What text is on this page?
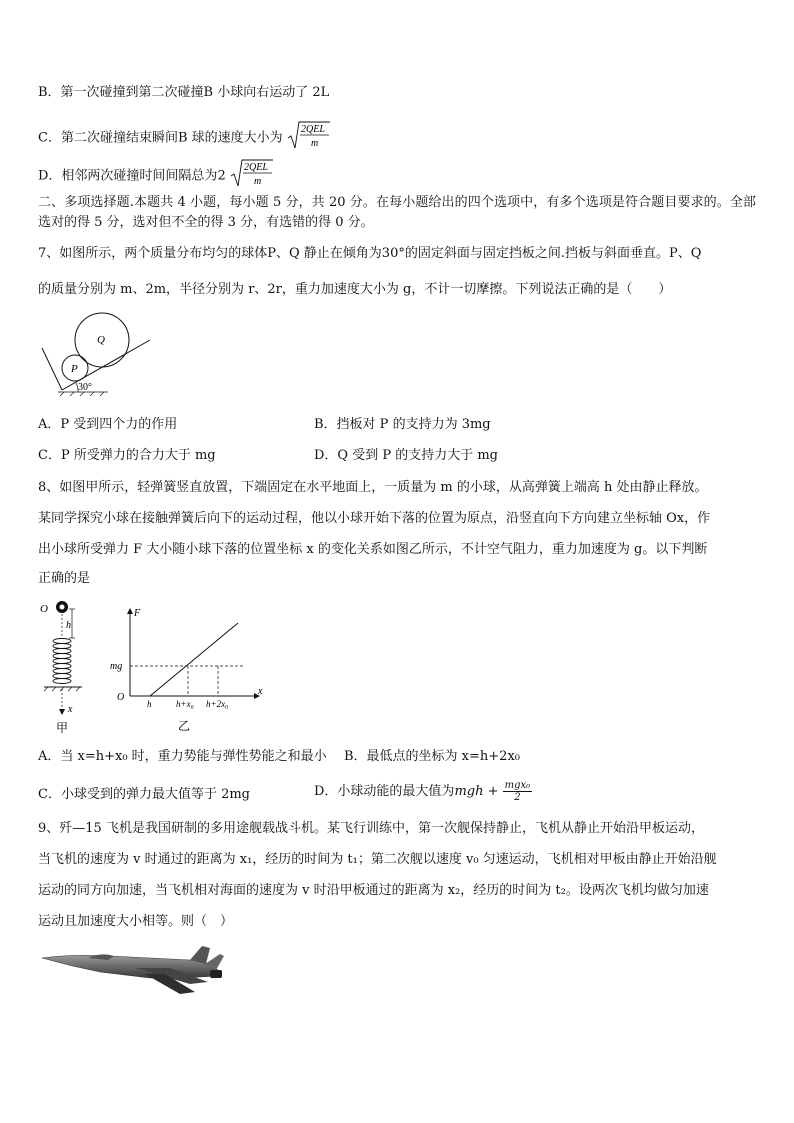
B．第一次碰撞到第二次碰撞B 小球向右运动了 2L
C．第二次碰撞结束瞬间B 球的速度大小为
2QEL
m
D．相邻两次碰撞时间间隔总为2
2QEL
m
二、多项选择题.本题共 4 小题，每小题 5 分，共 20 分。在每小题给出的四个选项中，有多个选项是符合题目要求的。全部选对的得 5 分，选对但不全的得 3 分，有选错的得 0 分。
7、如图所示，两个质量分布均匀的球体P、Q 静止在倾角为30°的固定斜面与固定挡板之间.挡板与斜面垂直。P、Q
的质量分别为 m、2m，半径分别为 r、2r，重力加速度大小为 g，不计一切摩擦。下列说法正确的是（　　）
P
Q
30°
A．P 受到四个力的作用	B．挡板对 P 的支持力为 3mg
C．P 所受弹力的合力大于 mg	D．Q 受到 P 的支持力大于 mg
8、如图甲所示，轻弹簧竖直放置，下端固定在水平地面上，一质量为 m 的小球，从高弹簧上端高 h 处由静止释放。
某同学探究小球在接触弹簧后向下的运动过程，他以小球开始下落的位置为原点，沿竖直向下方向建立坐标轴 Ox，作
出小球所受弹力 F 大小随小球下落的位置坐标 x 的变化关系如图乙所示，不计空气阻力，重力加速度为 g。以下判断
正确的是
O
h
x
甲
F
x
O
mg
h	h+x₀ h+2x₀
乙
A．当 x=h+x₀ 时，重力势能与弹性势能之和最小 B．最低点的坐标为 x=h+2x₀
C．小球受到的弹力最大值等于 2mg	D．小球动能的最大值为mgh + $\frac{\text{mgx₀}}{2}$
9、歼—15 飞机是我国研制的多用途舰载战斗机。某飞行训练中，第一次舰保持静止，飞机从静止开始沿甲板运动，
当飞机的速度为 v 时通过的距离为 x₁，经历的时间为 t₁；第二次舰以速度 v₀ 匀速运动，飞机相对甲板由静止开始沿舰
运动的同方向加速，当飞机相对海面的速度为 v 时沿甲板通过的距离为 x₂，经历的时间为 t₂。设两次飞机均做匀加速
运动且加速度大小相等。则（　）
